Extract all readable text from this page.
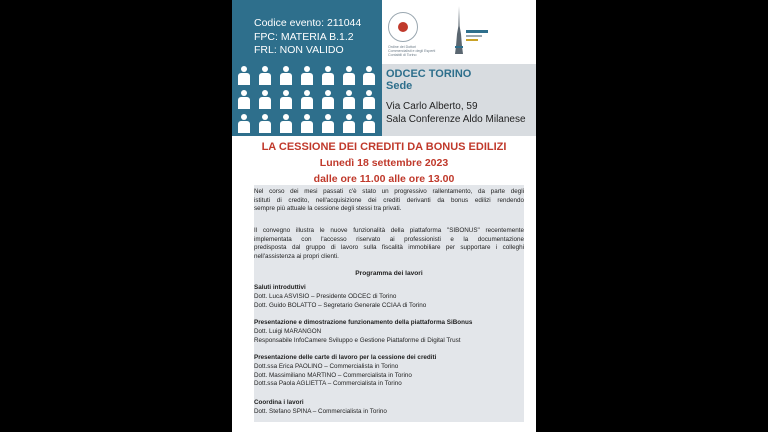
Codice evento: 211044
FPC: MATERIA B.1.2
FRL: NON VALIDO	Ordine dei Dottori Commercialisti e degli Esperti Contabili di Torino
ODCEC TORINO
Sede
Via Carlo Alberto, 59
Sala Conferenze Aldo Milanese
LA CESSIONE DEI CREDITI DA BONUS EDILIZI
Lunedì 18 settembre 2023
dalle ore 11.00 alle ore 13.00
Nel corso dei mesi passati c'è stato un progressivo rallentamento, da parte degli
istituti di credito, nell'acquisizione dei crediti derivanti da bonus edilizi rendendo
sempre più attuale la cessione degli stessi tra privati.
Il convegno illustra le nuove funzionalità della piattaforma "SIBONUS" recentemente
implementata con l'accesso riservato ai professionisti e la documentazione
predisposta dal gruppo di lavoro sulla fiscalità immobiliare per supportare i colleghi
nell'assistenza ai propri clienti.
Programma dei lavori
Saluti introduttivi
Dott. Luca ASVISIO – Presidente ODCEC di Torino
Dott. Guido BOLATTO – Segretario Generale CCIAA di Torino
Presentazione e dimostrazione funzionamento della piattaforma SiBonus
Dott. Luigi MARANGON
Responsabile InfoCamere Sviluppo e Gestione Piattaforme di Digital Trust
Presentazione delle carte di lavoro per la cessione dei crediti
Dott.ssa Erica PAOLINO – Commercialista in Torino
Dott. Massimiliano MARTINO – Commercialista in Torino
Dott.ssa Paola AGLIETTA – Commercialista in Torino
Coordina i lavori
Dott. Stefano SPINA – Commercialista in Torino
